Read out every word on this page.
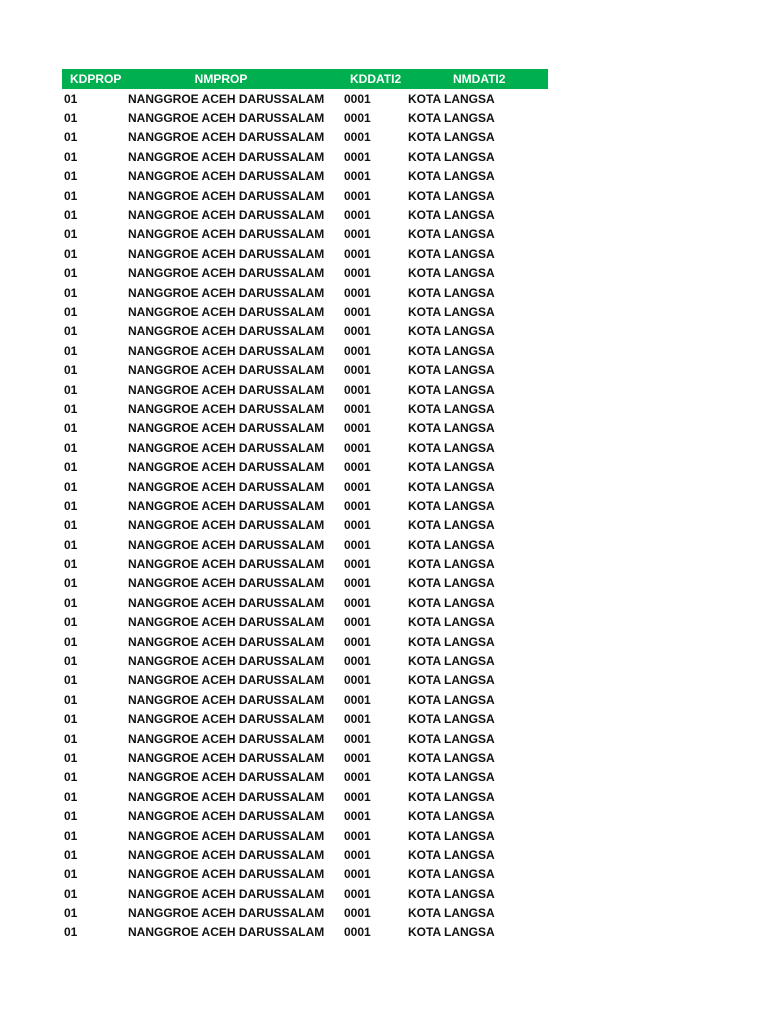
KDPROP	NMPROP	KDDATI2	NMDATI2
01	NANGGROE ACEH DARUSSALAM	0001	KOTA LANGSA
01	NANGGROE ACEH DARUSSALAM	0001	KOTA LANGSA
01	NANGGROE ACEH DARUSSALAM	0001	KOTA LANGSA
01	NANGGROE ACEH DARUSSALAM	0001	KOTA LANGSA
01	NANGGROE ACEH DARUSSALAM	0001	KOTA LANGSA
01	NANGGROE ACEH DARUSSALAM	0001	KOTA LANGSA
01	NANGGROE ACEH DARUSSALAM	0001	KOTA LANGSA
01	NANGGROE ACEH DARUSSALAM	0001	KOTA LANGSA
01	NANGGROE ACEH DARUSSALAM	0001	KOTA LANGSA
01	NANGGROE ACEH DARUSSALAM	0001	KOTA LANGSA
01	NANGGROE ACEH DARUSSALAM	0001	KOTA LANGSA
01	NANGGROE ACEH DARUSSALAM	0001	KOTA LANGSA
01	NANGGROE ACEH DARUSSALAM	0001	KOTA LANGSA
01	NANGGROE ACEH DARUSSALAM	0001	KOTA LANGSA
01	NANGGROE ACEH DARUSSALAM	0001	KOTA LANGSA
01	NANGGROE ACEH DARUSSALAM	0001	KOTA LANGSA
01	NANGGROE ACEH DARUSSALAM	0001	KOTA LANGSA
01	NANGGROE ACEH DARUSSALAM	0001	KOTA LANGSA
01	NANGGROE ACEH DARUSSALAM	0001	KOTA LANGSA
01	NANGGROE ACEH DARUSSALAM	0001	KOTA LANGSA
01	NANGGROE ACEH DARUSSALAM	0001	KOTA LANGSA
01	NANGGROE ACEH DARUSSALAM	0001	KOTA LANGSA
01	NANGGROE ACEH DARUSSALAM	0001	KOTA LANGSA
01	NANGGROE ACEH DARUSSALAM	0001	KOTA LANGSA
01	NANGGROE ACEH DARUSSALAM	0001	KOTA LANGSA
01	NANGGROE ACEH DARUSSALAM	0001	KOTA LANGSA
01	NANGGROE ACEH DARUSSALAM	0001	KOTA LANGSA
01	NANGGROE ACEH DARUSSALAM	0001	KOTA LANGSA
01	NANGGROE ACEH DARUSSALAM	0001	KOTA LANGSA
01	NANGGROE ACEH DARUSSALAM	0001	KOTA LANGSA
01	NANGGROE ACEH DARUSSALAM	0001	KOTA LANGSA
01	NANGGROE ACEH DARUSSALAM	0001	KOTA LANGSA
01	NANGGROE ACEH DARUSSALAM	0001	KOTA LANGSA
01	NANGGROE ACEH DARUSSALAM	0001	KOTA LANGSA
01	NANGGROE ACEH DARUSSALAM	0001	KOTA LANGSA
01	NANGGROE ACEH DARUSSALAM	0001	KOTA LANGSA
01	NANGGROE ACEH DARUSSALAM	0001	KOTA LANGSA
01	NANGGROE ACEH DARUSSALAM	0001	KOTA LANGSA
01	NANGGROE ACEH DARUSSALAM	0001	KOTA LANGSA
01	NANGGROE ACEH DARUSSALAM	0001	KOTA LANGSA
01	NANGGROE ACEH DARUSSALAM	0001	KOTA LANGSA
01	NANGGROE ACEH DARUSSALAM	0001	KOTA LANGSA
01	NANGGROE ACEH DARUSSALAM	0001	KOTA LANGSA
01	NANGGROE ACEH DARUSSALAM	0001	KOTA LANGSA
